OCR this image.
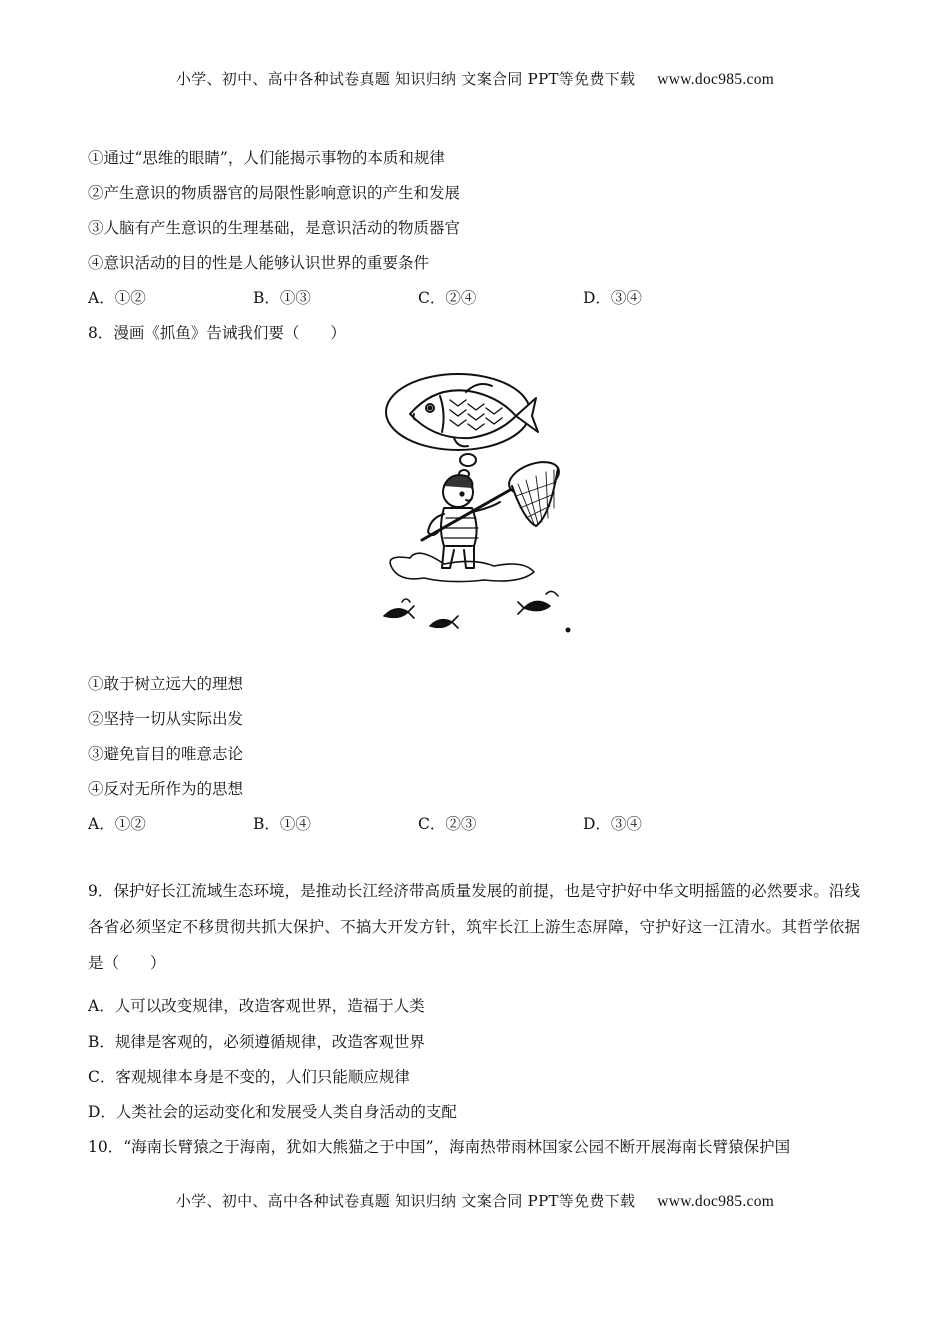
小学、初中、高中各种试卷真题 知识归纳 文案合同 PPT等免费下载 www.doc985.com
①通过“思维的眼睛”，人们能揭示事物的本质和规律
②产生意识的物质器官的局限性影响意识的产生和发展
③人脑有产生意识的生理基础，是意识活动的物质器官
④意识活动的目的性是人能够认识世界的重要条件
A．①②	B．①③	C．②④	D．③④
8．漫画《抓鱼》告诫我们要（　　）
①敢于树立远大的理想
②坚持一切从实际出发
③避免盲目的唯意志论
④反对无所作为的思想
A．①②	B．①④	C．②③	D．③④
9．保护好长江流域生态环境，是推动长江经济带高质量发展的前提，也是守护好中华文明摇篮的必然要求。沿线各省必须坚定不移贯彻共抓大保护、不搞大开发方针，筑牢长江上游生态屏障，守护好这一江清水。其哲学依据是（　　）
A．人可以改变规律，改造客观世界，造福于人类
B．规律是客观的，必须遵循规律，改造客观世界
C．客观规律本身是不变的，人们只能顺应规律
D．人类社会的运动变化和发展受人类自身活动的支配
10．“海南长臂猿之于海南，犹如大熊猫之于中国”，海南热带雨林国家公园不断开展海南长臂猿保护国
小学、初中、高中各种试卷真题 知识归纳 文案合同 PPT等免费下载 www.doc985.com
